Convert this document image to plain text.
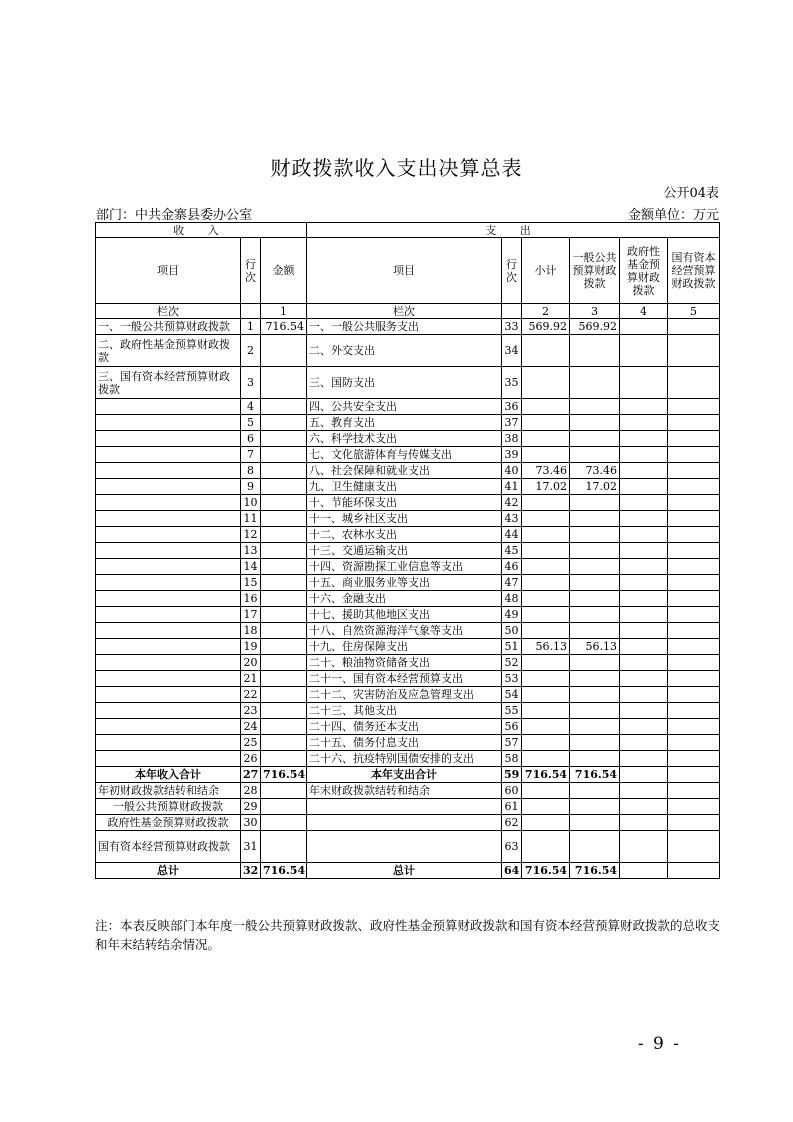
财政拨款收入支出决算总表
公开04表
部门：中共金寨县委办公室	金额单位：万元
收 入			支 出					
项目	行次	金额	项目	行次	小计	一般公共预算财政拨款	政府性基金预算财政拨款	国有资本经营预算财政拨款
栏次		1	栏次		2	3	4	5
一、一般公共预算财政拨款	1	716.54	一、一般公共服务支出	33	569.92	569.92		
二、政府性基金预算财政拨款	2		二、外交支出	34				
三、国有资本经营预算财政拨款	3		三、国防支出	35				
	4		四、公共安全支出	36				
	5		五、教育支出	37				
	6		六、科学技术支出	38				
	7		七、文化旅游体育与传媒支出	39				
	8		八、社会保障和就业支出	40	73.46	73.46		
	9		九、卫生健康支出	41	17.02	17.02		
	10		十、节能环保支出	42				
	11		十一、城乡社区支出	43				
	12		十二、农林水支出	44				
	13		十三、交通运输支出	45				
	14		十四、资源勘探工业信息等支出	46				
	15		十五、商业服务业等支出	47				
	16		十六、金融支出	48				
	17		十七、援助其他地区支出	49				
	18		十八、自然资源海洋气象等支出	50				
	19		十九、住房保障支出	51	56.13	56.13		
	20		二十、粮油物资储备支出	52				
	21		二十一、国有资本经营预算支出	53				
	22		二十二、灾害防治及应急管理支出	54				
	23		二十三、其他支出	55				
	24		二十四、债务还本支出	56				
	25		二十五、债务付息支出	57				
	26		二十六、抗疫特别国债安排的支出	58				
本年收入合计	27	716.54	本年支出合计	59	716.54	716.54		
年初财政拨款结转和结余	28		年末财政拨款结转和结余	60				
一般公共预算财政拨款	29			61				
政府性基金预算财政拨款	30			62				
国有资本经营预算财政拨款	31			63				
总计	32	716.54	总计	64	716.54	716.54		
注：本表反映部门本年度一般公共预算财政拨款、政府性基金预算财政拨款和国有资本经营预算财政拨款的总收支和年末结转结余情况。
- 9 -
